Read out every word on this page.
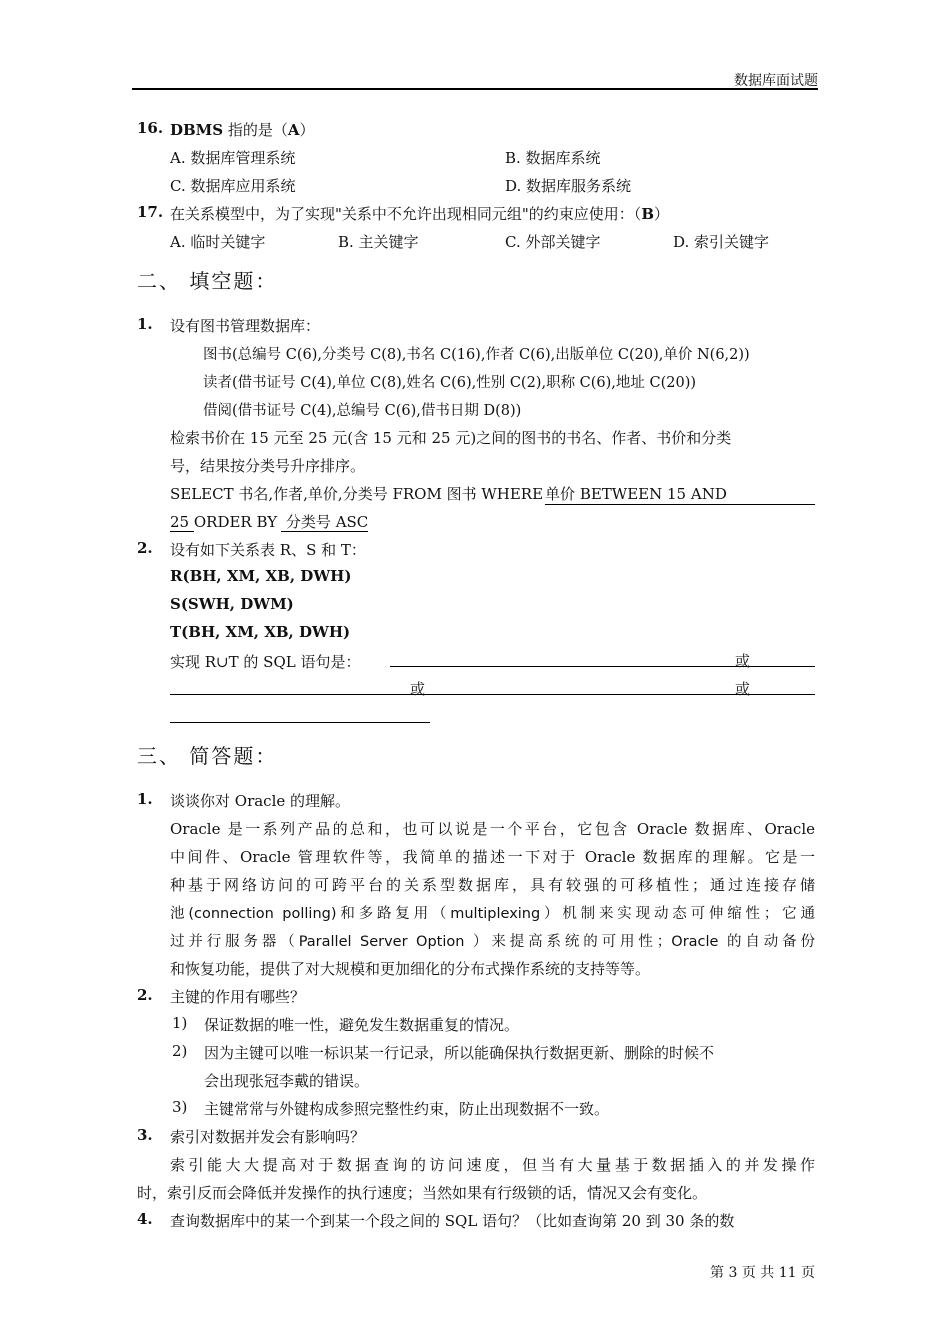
数据库面试题
16. DBMS 指的是（A）
A. 数据库管理系统	B. 数据库系统
C. 数据库应用系统	D. 数据库服务系统
17. 在关系模型中，为了实现"关系中不允许出现相同元组"的约束应使用：（B）
A. 临时关键字	B. 主关键字	C. 外部关键字	D. 索引关键字
二、 填空题：
1. 设有图书管理数据库：
图书(总编号 C(6),分类号 C(8),书名 C(16),作者 C(6),出版单位 C(20),单价 N(6,2))
读者(借书证号 C(4),单位 C(8),姓名 C(6),性别 C(2),职称 C(6),地址 C(20))
借阅(借书证号 C(4),总编号 C(6),借书日期 D(8))
检索书价在 15 元至 25 元(含 15 元和 25 元)之间的图书的书名、作者、书价和分类
号，结果按分类号升序排序。
SELECT 书名,作者,单价,分类号 FROM 图书 WHERE 单价 BETWEEN 15 AND
25 ORDER BY 分类号 ASC
2. 设有如下关系表 R、S 和 T：
R(BH, XM, XB, DWH)
S(SWH, DWM)
T(BH, XM, XB, DWH)
实现 R∪T 的 SQL 语句是：	或
或	或
三、 简答题：
1. 谈谈你对 Oracle 的理解。
Oracle 是一系列产品的总和，也可以说是一个平台，它包含 Oracle 数据库、Oracle
中间件、Oracle 管理软件等，我简单的描述一下对于 Oracle 数据库的理解。它是一
种基于网络访问的可跨平台的关系型数据库，具有较强的可移植性；通过连接存储
池(connection polling)和多路复用（multiplexing）机制来实现动态可伸缩性；它通
过并行服务器（Parallel Server Option ）来提高系统的可用性；Oracle 的自动备份
和恢复功能，提供了对大规模和更加细化的分布式操作系统的支持等等。
2. 主键的作用有哪些？
1) 保证数据的唯一性，避免发生数据重复的情况。
2) 因为主键可以唯一标识某一行记录，所以能确保执行数据更新、删除的时候不
会出现张冠李戴的错误。
3) 主键常常与外键构成参照完整性约束，防止出现数据不一致。
3. 索引对数据并发会有影响吗？
索引能大大提高对于数据查询的访问速度，但当有大量基于数据插入的并发操作
时，索引反而会降低并发操作的执行速度；当然如果有行级锁的话，情况又会有变化。
4. 查询数据库中的某一个到某一个段之间的 SQL 语句？（比如查询第 20 到 30 条的数
第 3 页 共 11 页
